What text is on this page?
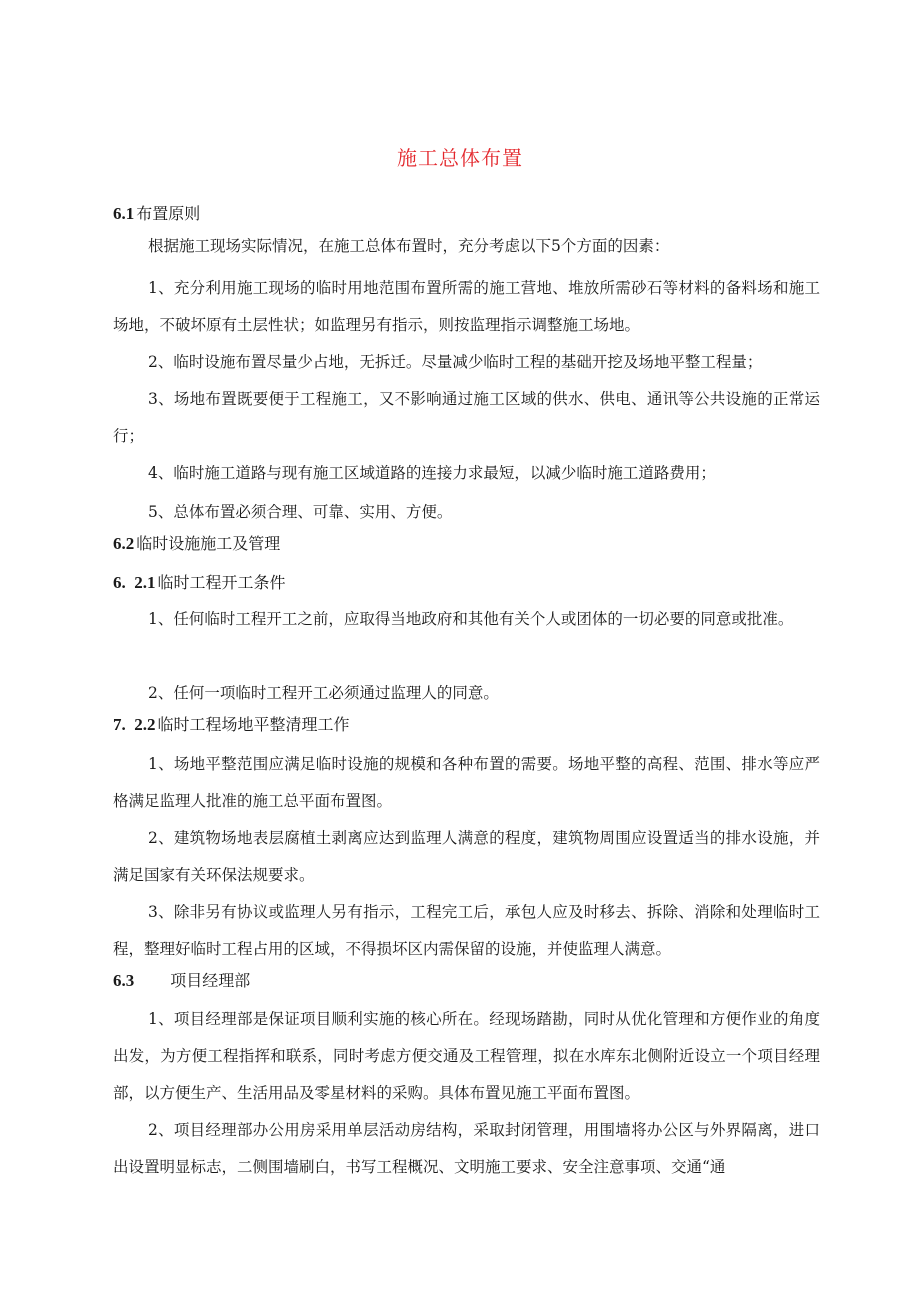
施工总体布置
6.1 布置原则
根据施工现场实际情况，在施工总体布置时，充分考虑以下5个方面的因素：
1、充分利用施工现场的临时用地范围布置所需的施工营地、堆放所需砂石等材料的备料场和施工场地，不破坏原有土层性状；如监理另有指示，则按监理指示调整施工场地。
2、临时设施布置尽量少占地，无拆迁。尽量减少临时工程的基础开挖及场地平整工程量；
3、场地布置既要便于工程施工，又不影响通过施工区域的供水、供电、通讯等公共设施的正常运行；
4、临时施工道路与现有施工区域道路的连接力求最短，以减少临时施工道路费用；
5、总体布置必须合理、可靠、实用、方便。
6.2 临时设施施工及管理
6.  2.1 临时工程开工条件
1、任何临时工程开工之前，应取得当地政府和其他有关个人或团体的一切必要的同意或批准。
2、任何一项临时工程开工必须通过监理人的同意。
7.  2.2 临时工程场地平整清理工作
1、场地平整范围应满足临时设施的规模和各种布置的需要。场地平整的高程、范围、排水等应严格满足监理人批准的施工总平面布置图。
2、建筑物场地表层腐植土剥离应达到监理人满意的程度，建筑物周围应设置适当的排水设施，并满足国家有关环保法规要求。
3、除非另有协议或监理人另有指示，工程完工后，承包人应及时移去、拆除、消除和处理临时工程，整理好临时工程占用的区域，不得损坏区内需保留的设施，并使监理人满意。
6.3 项目经理部
1、项目经理部是保证项目顺利实施的核心所在。经现场踏勘，同时从优化管理和方便作业的角度出发，为方便工程指挥和联系，同时考虑方便交通及工程管理，拟在水库东北侧附近设立一个项目经理部，以方便生产、生活用品及零星材料的采购。具体布置见施工平面布置图。
2、项目经理部办公用房采用单层活动房结构，采取封闭管理，用围墙将办公区与外界隔离，进口出设置明显标志，二侧围墙刷白，书写工程概况、文明施工要求、安全注意事项、交通“通
